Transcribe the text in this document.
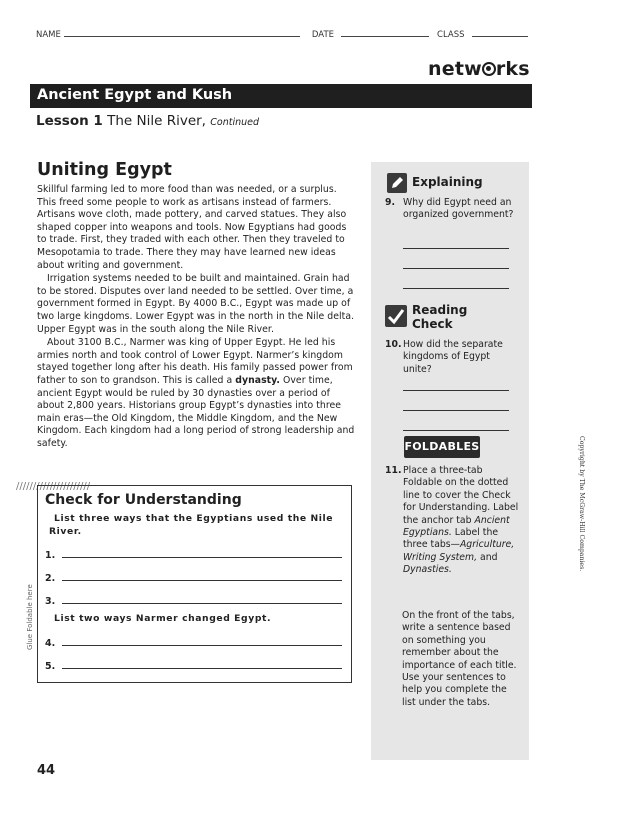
NAME	DATE	CLASS
netw rks
Ancient Egypt and Kush
Lesson 1 The Nile River, Continued
Uniting Egypt

Skillful farming led to more food than was needed, or a surplus. This freed some people to work as artisans instead of farmers. Artisans wove cloth, made pottery, and carved statues. They also shaped copper into weapons and tools. Now Egyptians had goods to trade. First, they traded with each other. Then they traveled to Mesopotamia to trade. There they may have learned new ideas about writing and government.

Irrigation systems needed to be built and maintained. Grain had to be stored. Disputes over land needed to be settled. Over time, a government formed in Egypt. By 4000 B.C., Egypt was made up of two large kingdoms. Lower Egypt was in the north in the Nile delta. Upper Egypt was in the south along the Nile River.

About 3100 B.C., Narmer was king of Upper Egypt. He led his armies north and took control of Lower Egypt. Narmer’s kingdom stayed together long after his death. His family passed power from father to son to grandson. This is called a dynasty. Over time, ancient Egypt would be ruled by 30 dynasties over a period of about 2,800 years. Historians group Egypt’s dynasties into three main eras—the Old Kingdom, the Middle Kingdom, and the New Kingdom. Each kingdom had a long period of strong leadership and safety.

//////////////////////
Glue Foldable here
Check for Understanding
List three ways that the Egyptians used the Nile River.
1.
2.
3.
List two ways Narmer changed Egypt.
4.
5.
Explaining
9. Why did Egypt need an organized government?
Reading
Check
10. How did the separate kingdoms of Egypt unite?
FOLDABLES
11. Place a three-tab Foldable on the dotted line to cover the Check for Understanding. Label the anchor tab Ancient Egyptians. Label the three tabs—Agriculture, Writing System, and Dynasties.
On the front of the tabs, write a sentence based on something you remember about the importance of each title. Use your sentences to help you complete the list under the tabs.
Copyright by The McGraw-Hill Companies.
44
